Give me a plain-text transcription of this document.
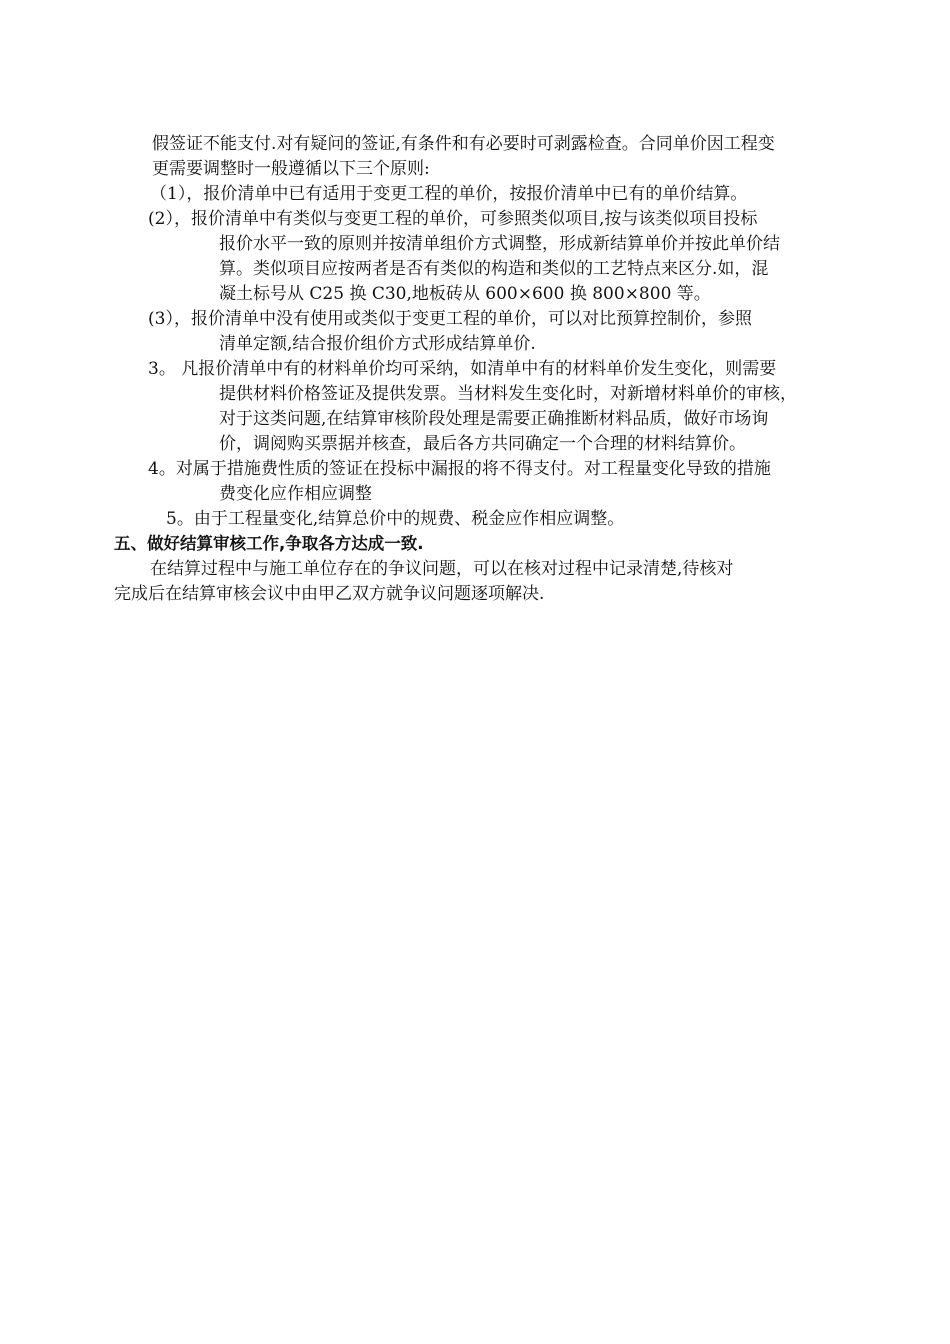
假签证不能支付.对有疑问的签证,有条件和有必要时可剥露检查。合同单价因工程变
更需要调整时一般遵循以下三个原则:
（1），报价清单中已有适用于变更工程的单价，按报价清单中已有的单价结算。
(2），报价清单中有类似与变更工程的单价，可参照类似项目,按与该类似项目投标
报价水平一致的原则并按清单组价方式调整，形成新结算单价并按此单价结
算。类似项目应按两者是否有类似的构造和类似的工艺特点来区分.如，混
凝土标号从 C25 换 C30,地板砖从 600×600 换 800×800 等。
(3），报价清单中没有使用或类似于变更工程的单价，可以对比预算控制价，参照
清单定额,结合报价组价方式形成结算单价.
3。 凡报价清单中有的材料单价均可采纳，如清单中有的材料单价发生变化，则需要
提供材料价格签证及提供发票。当材料发生变化时，对新增材料单价的审核，
对于这类问题,在结算审核阶段处理是需要正确推断材料品质，做好市场询
价，调阅购买票据并核查，最后各方共同确定一个合理的材料结算价。
4。对属于措施费性质的签证在投标中漏报的将不得支付。对工程量变化导致的措施
费变化应作相应调整
5。由于工程量变化,结算总价中的规费、税金应作相应调整。
五、做好结算审核工作,争取各方达成一致.
在结算过程中与施工单位存在的争议问题，可以在核对过程中记录清楚,待核对
完成后在结算审核会议中由甲乙双方就争议问题逐项解决.
